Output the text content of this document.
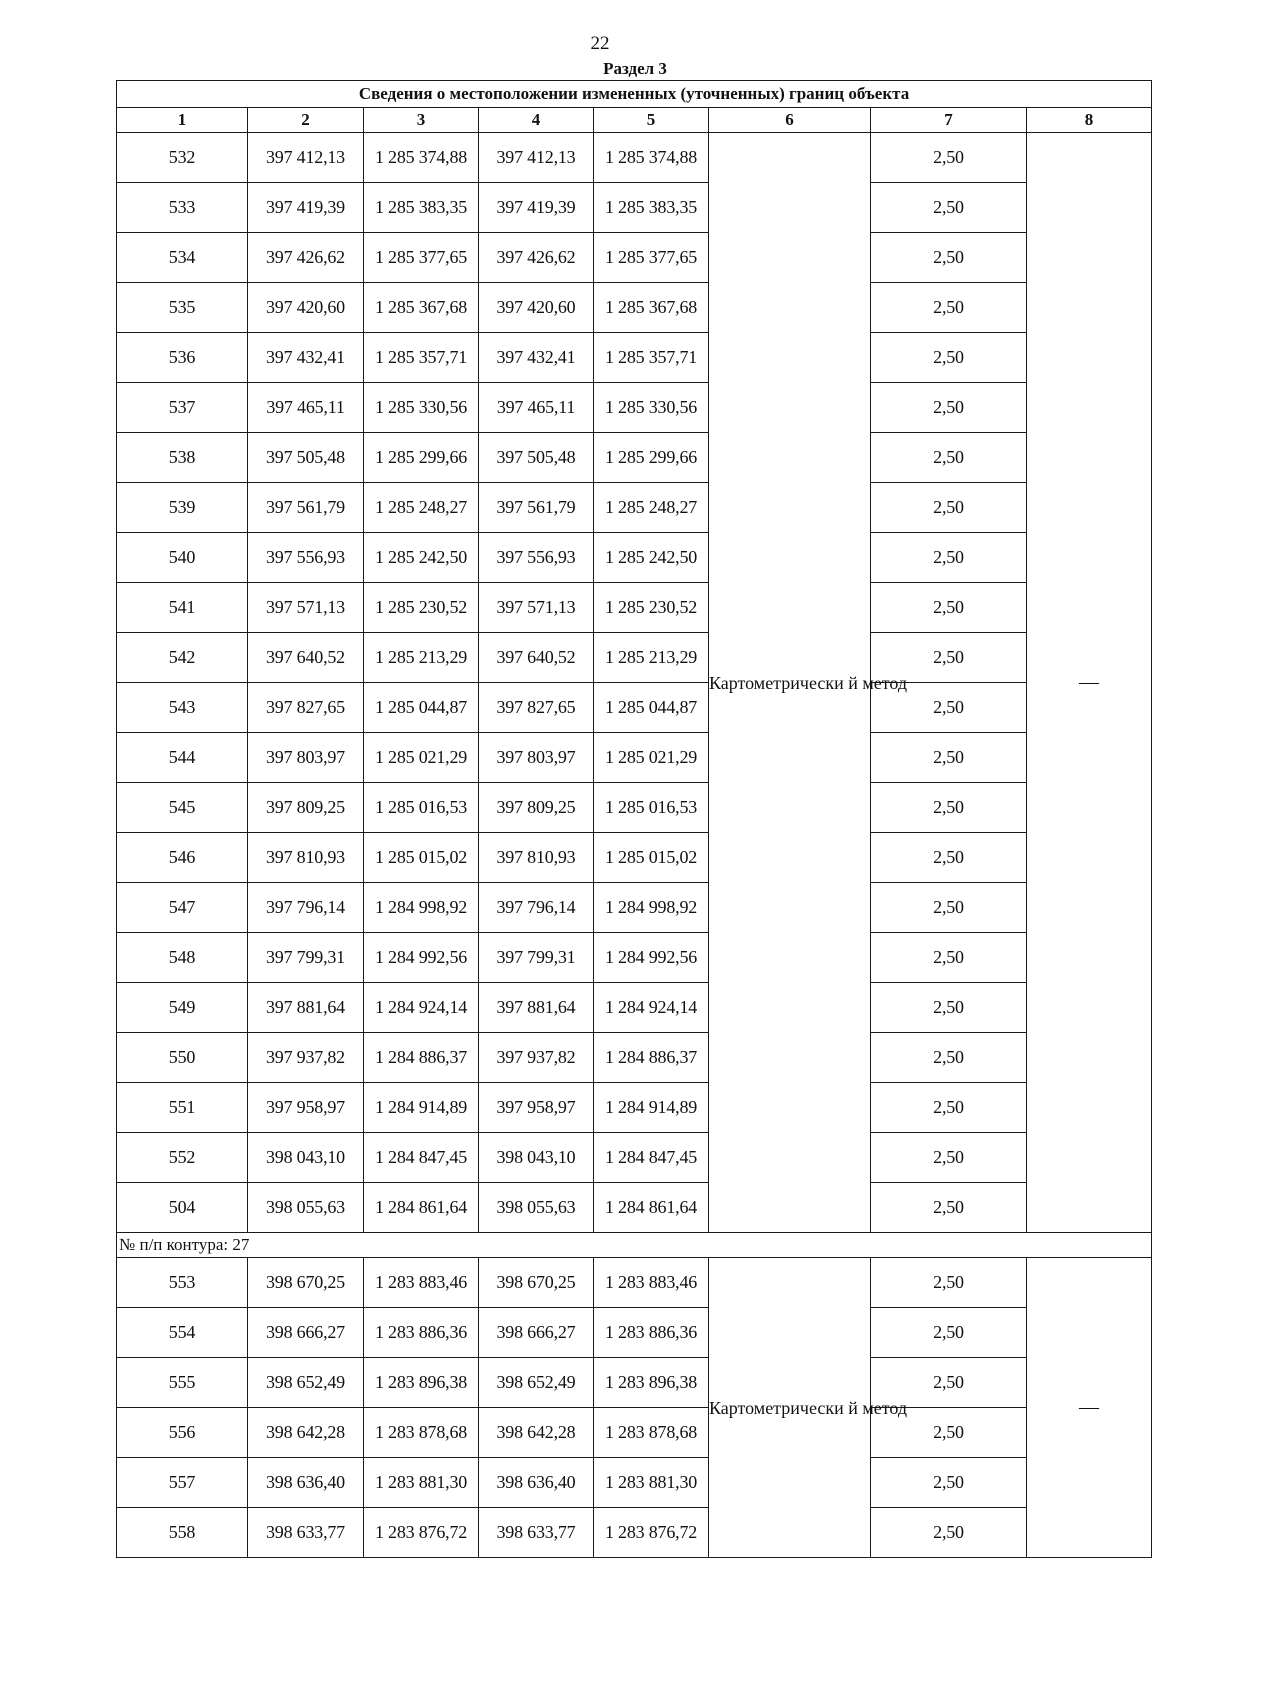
22
Раздел 3
Сведения о местоположении измененных (уточненных) границ объекта							
1	2	3	4	5	6	7	8
532	397 412,13	1 285 374,88	397 412,13	1 285 374,88	Картометрически й метод	2,50	—
533	397 419,39	1 285 383,35	397 419,39	1 285 383,35		2,50	
534	397 426,62	1 285 377,65	397 426,62	1 285 377,65		2,50	
535	397 420,60	1 285 367,68	397 420,60	1 285 367,68		2,50	
536	397 432,41	1 285 357,71	397 432,41	1 285 357,71		2,50	
537	397 465,11	1 285 330,56	397 465,11	1 285 330,56		2,50	
538	397 505,48	1 285 299,66	397 505,48	1 285 299,66		2,50	
539	397 561,79	1 285 248,27	397 561,79	1 285 248,27		2,50	
540	397 556,93	1 285 242,50	397 556,93	1 285 242,50		2,50	
541	397 571,13	1 285 230,52	397 571,13	1 285 230,52		2,50	
542	397 640,52	1 285 213,29	397 640,52	1 285 213,29		2,50	
543	397 827,65	1 285 044,87	397 827,65	1 285 044,87		2,50	
544	397 803,97	1 285 021,29	397 803,97	1 285 021,29		2,50	
545	397 809,25	1 285 016,53	397 809,25	1 285 016,53		2,50	
546	397 810,93	1 285 015,02	397 810,93	1 285 015,02		2,50	
547	397 796,14	1 284 998,92	397 796,14	1 284 998,92		2,50	
548	397 799,31	1 284 992,56	397 799,31	1 284 992,56		2,50	
549	397 881,64	1 284 924,14	397 881,64	1 284 924,14		2,50	
550	397 937,82	1 284 886,37	397 937,82	1 284 886,37		2,50	
551	397 958,97	1 284 914,89	397 958,97	1 284 914,89		2,50	
552	398 043,10	1 284 847,45	398 043,10	1 284 847,45		2,50	
504	398 055,63	1 284 861,64	398 055,63	1 284 861,64		2,50	
№ п/п контура: 27							
553	398 670,25	1 283 883,46	398 670,25	1 283 883,46	Картометрически й метод	2,50	—
554	398 666,27	1 283 886,36	398 666,27	1 283 886,36		2,50	
555	398 652,49	1 283 896,38	398 652,49	1 283 896,38		2,50	
556	398 642,28	1 283 878,68	398 642,28	1 283 878,68		2,50	
557	398 636,40	1 283 881,30	398 636,40	1 283 881,30		2,50	
558	398 633,77	1 283 876,72	398 633,77	1 283 876,72		2,50	
